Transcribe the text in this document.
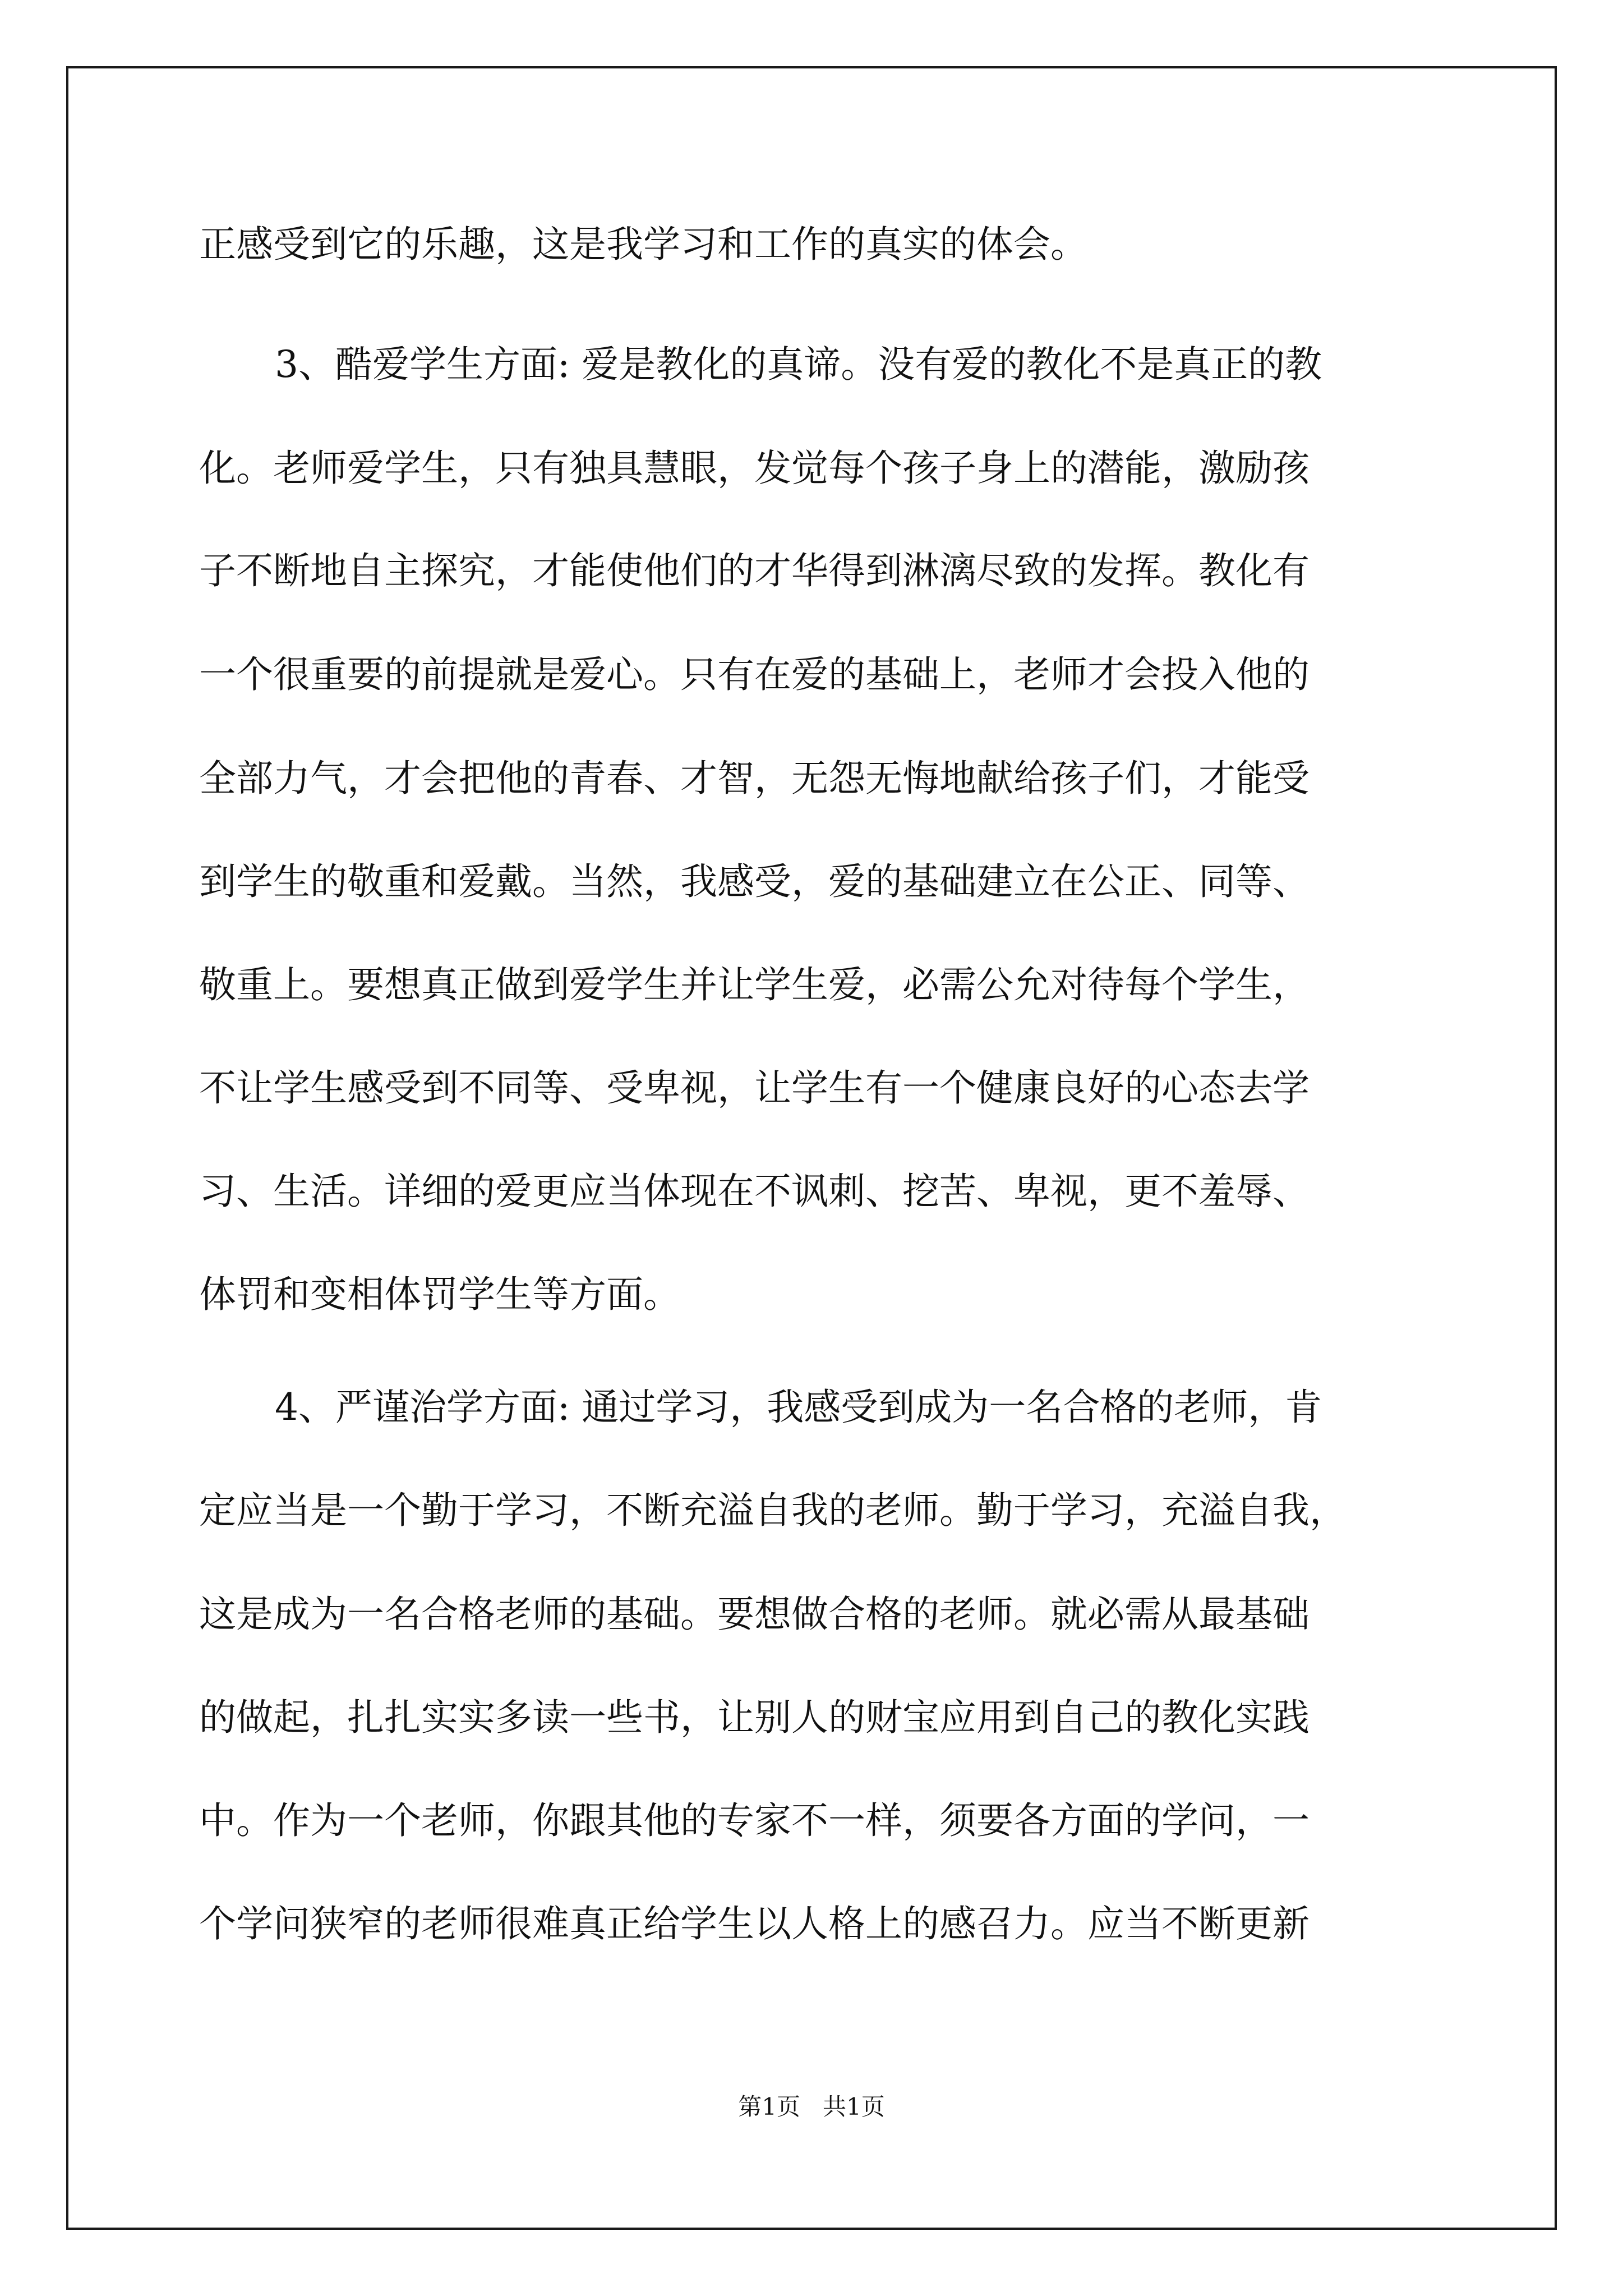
正感受到它的乐趣，这是我学习和工作的真实的体会。

3、酷爱学生方面: 爱是教化的真谛。没有爱的教化不是真正的教

化。老师爱学生，只有独具慧眼，发觉每个孩子身上的潜能，激励孩

子不断地自主探究，才能使他们的才华得到淋漓尽致的发挥。教化有

一个很重要的前提就是爱心。只有在爱的基础上，老师才会投入他的

全部力气，才会把他的青春、才智，无怨无悔地献给孩子们，才能受

到学生的敬重和爱戴。当然，我感受，爱的基础建立在公正、同等、

敬重上。要想真正做到爱学生并让学生爱，必需公允对待每个学生，

不让学生感受到不同等、受卑视，让学生有一个健康良好的心态去学

习、生活。详细的爱更应当体现在不讽刺、挖苦、卑视，更不羞辱、

体罚和变相体罚学生等方面。

4、严谨治学方面: 通过学习，我感受到成为一名合格的老师，肯

定应当是一个勤于学习，不断充溢自我的老师。勤于学习，充溢自我，

这是成为一名合格老师的基础。要想做合格的老师。就必需从最基础

的做起，扎扎实实多读一些书，让别人的财宝应用到自己的教化实践

中。作为一个老师，你跟其他的专家不一样，须要各方面的学问，一

个学问狭窄的老师很难真正给学生以人格上的感召力。应当不断更新

第1页   共1页
